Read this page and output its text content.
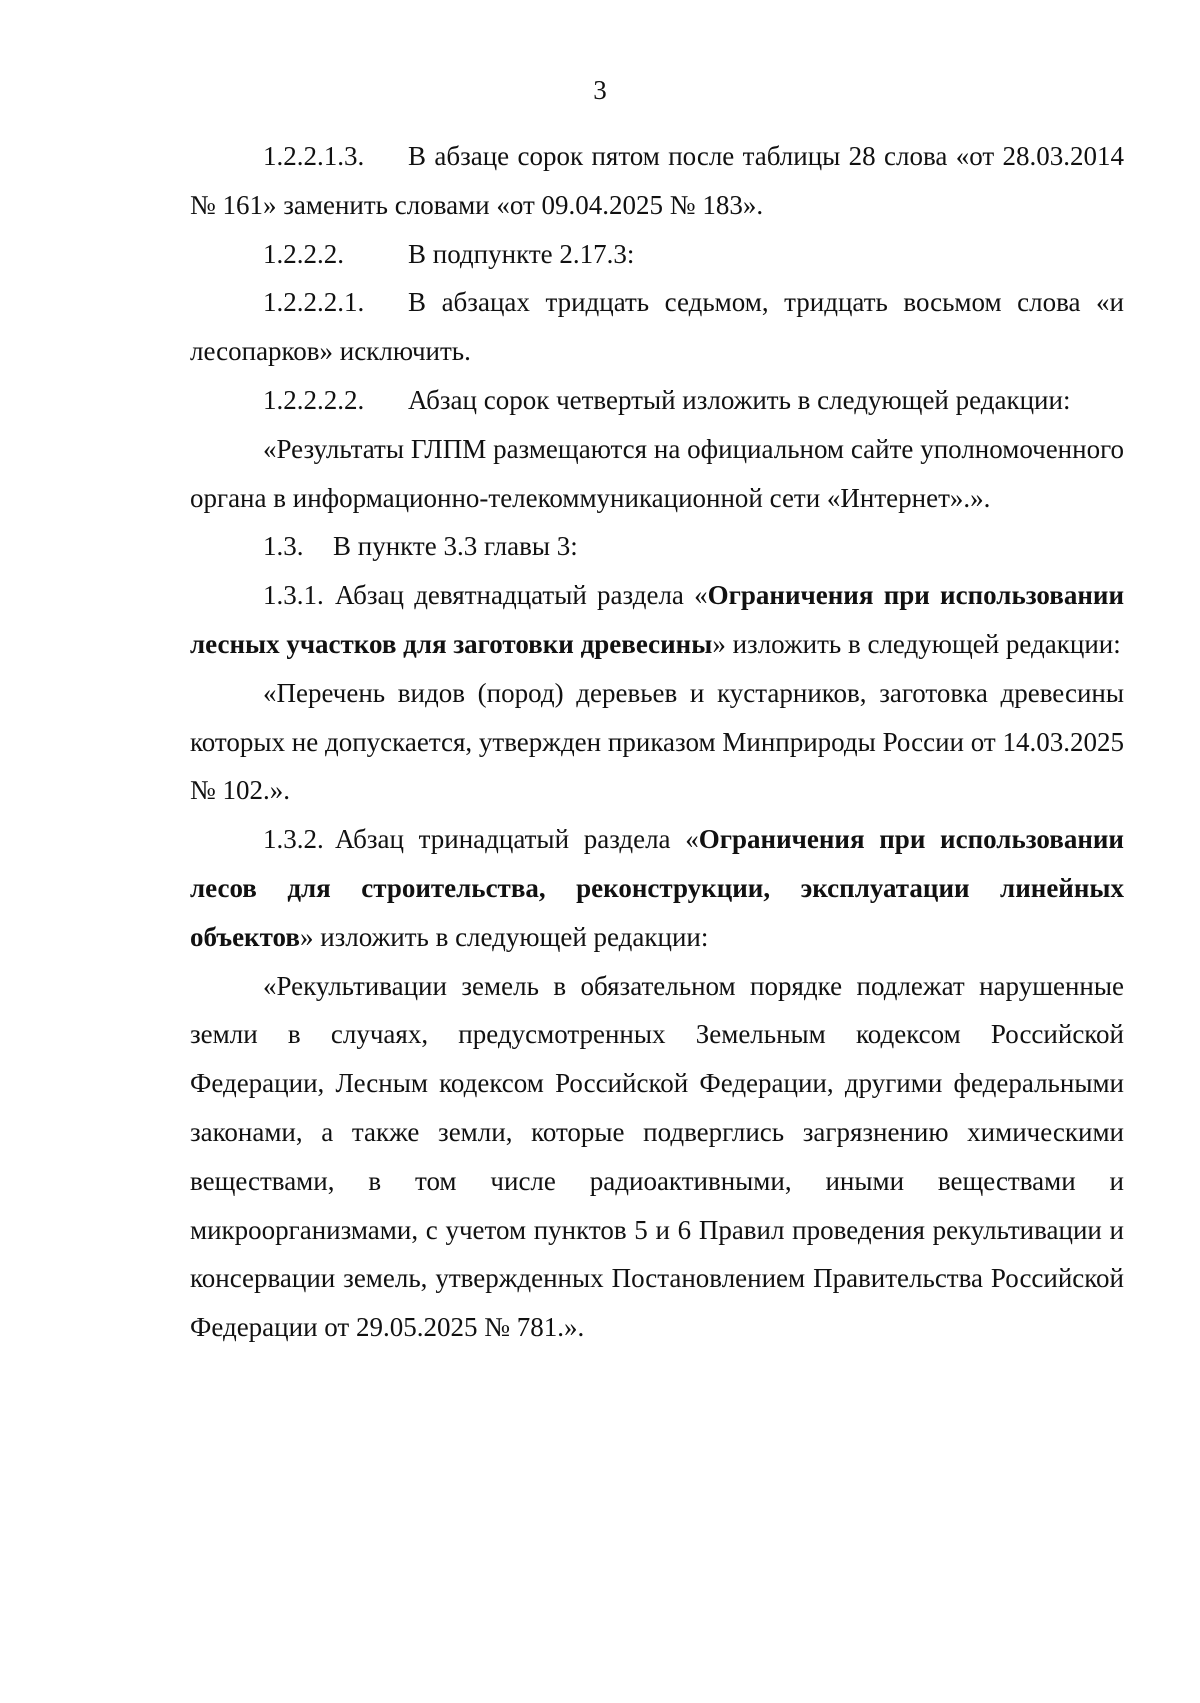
3

1.2.2.1.3. В абзаце сорок пятом после таблицы 28 слова «от 28.03.2014 № 161» заменить словами «от 09.04.2025 № 183».

1.2.2.2. В подпункте 2.17.3:

1.2.2.2.1. В абзацах тридцать седьмом, тридцать восьмом слова «и лесопарков» исключить.

1.2.2.2.2. Абзац сорок четвертый изложить в следующей редакции:

«Результаты ГЛПМ размещаются на официальном сайте уполномоченного органа в информационно-телекоммуникационной сети «Интернет».».

1.3. В пункте 3.3 главы 3:

1.3.1. Абзац девятнадцатый раздела «Ограничения при использовании лесных участков для заготовки древесины» изложить в следующей редакции:

«Перечень видов (пород) деревьев и кустарников, заготовка древесины которых не допускается, утвержден приказом Минприроды России от 14.03.2025 № 102.».

1.3.2. Абзац тринадцатый раздела «Ограничения при использовании лесов для строительства, реконструкции, эксплуатации линейных объектов» изложить в следующей редакции:

«Рекультивации земель в обязательном порядке подлежат нарушенные земли в случаях, предусмотренных Земельным кодексом Российской Федерации, Лесным кодексом Российской Федерации, другими федеральными законами, а также земли, которые подверглись загрязнению химическими веществами, в том числе радиоактивными, иными веществами и микроорганизмами, с учетом пунктов 5 и 6 Правил проведения рекультивации и консервации земель, утвержденных Постановлением Правительства Российской Федерации от 29.05.2025 № 781.».
